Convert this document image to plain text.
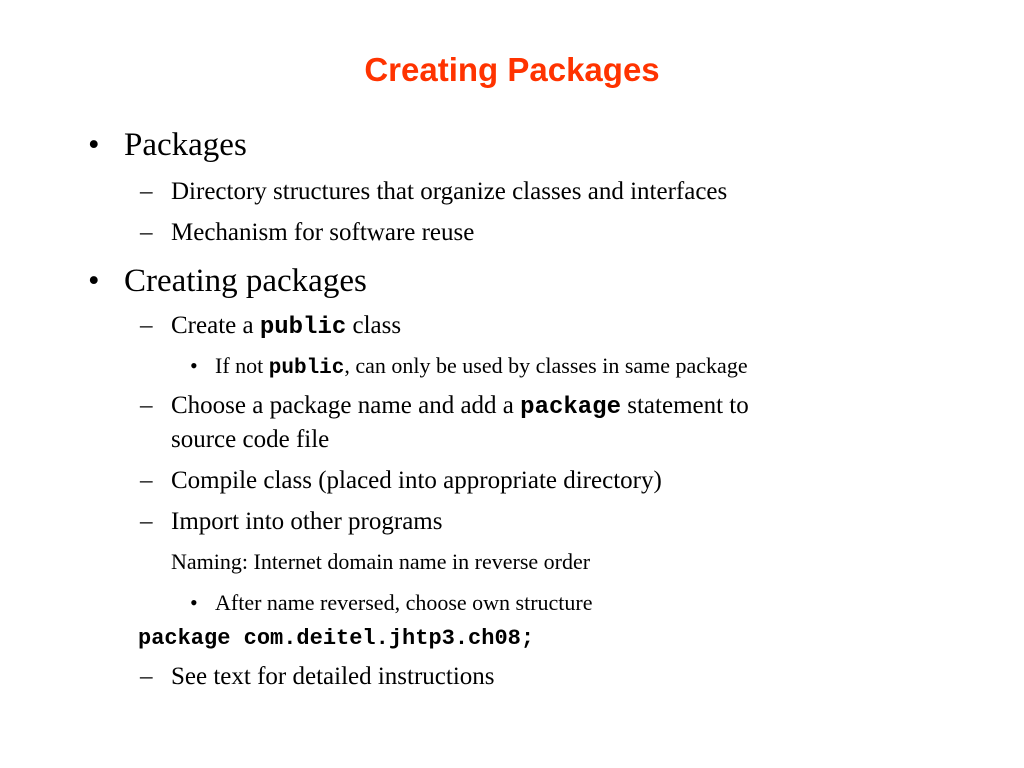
Creating Packages
• Packages
– Directory structures that organize classes and interfaces
– Mechanism for software reuse
• Creating packages
– Create a public class
• If not public, can only be used by classes in same package
– Choose a package name and add a package statement to
source code file
– Compile class (placed into appropriate directory)
– Import into other programs
Naming: Internet domain name in reverse order
• After name reversed, choose own structure
package com.deitel.jhtp3.ch08;
– See text for detailed instructions
